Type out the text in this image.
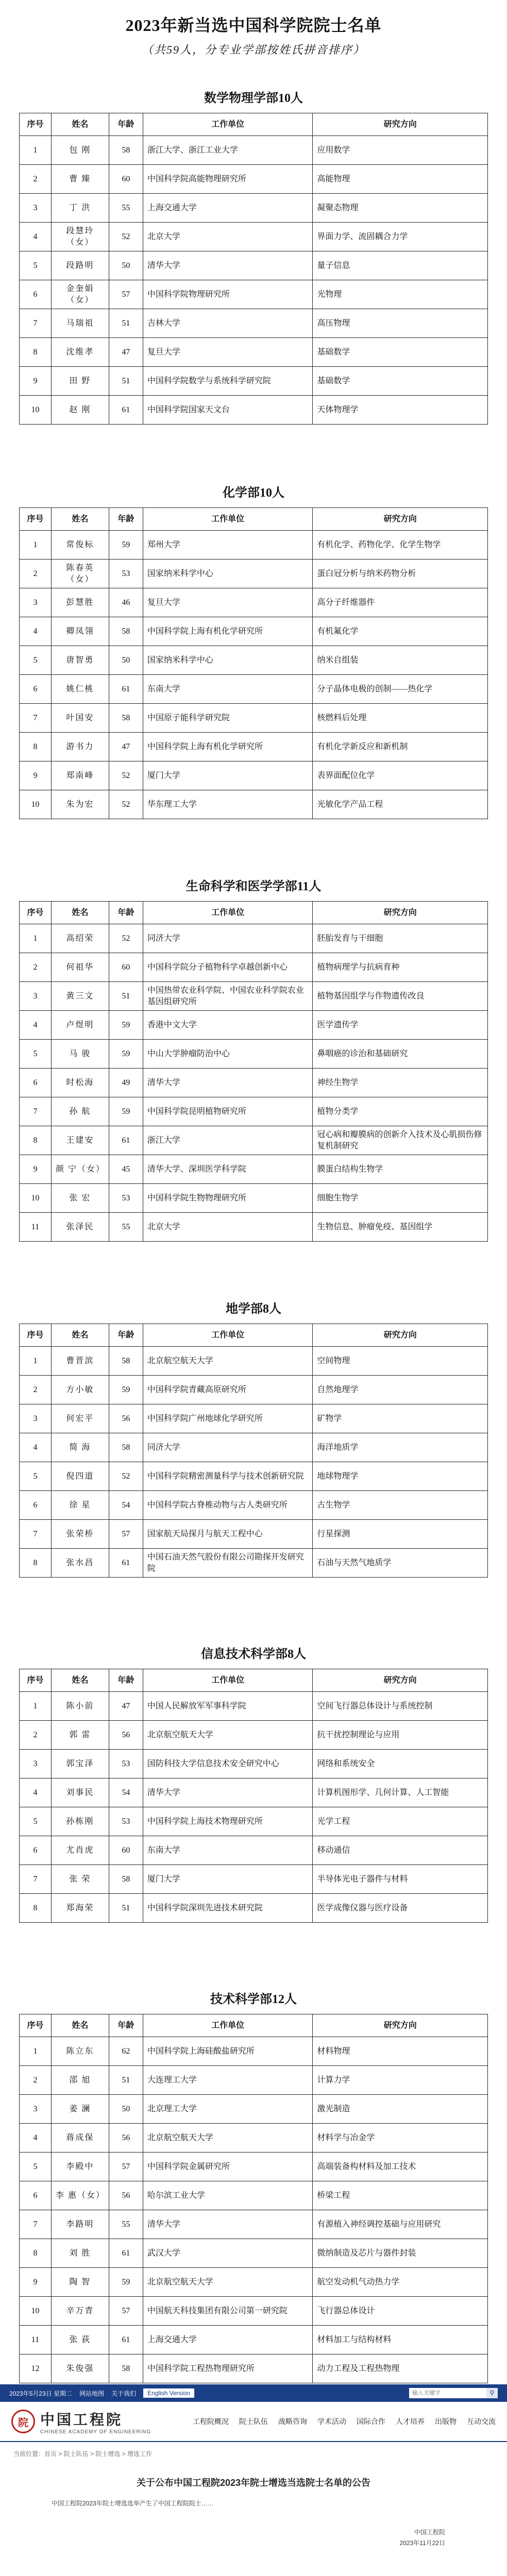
2023年新当选中国科学院院士名单

（共59人，分专业学部按姓氏拼音排序）

数学物理学部10人
序号	姓名	年龄	工作单位	研究方向
1	包 刚	58	浙江大学、浙江工业大学	应用数学
2	曹 臻	60	中国科学院高能物理研究所	高能物理
3	丁 洪	55	上海交通大学	凝聚态物理
4	段慧玲（女）	52	北京大学	界面力学、流固耦合力学
5	段路明	50	清华大学	量子信息
6	金奎娟（女）	57	中国科学院物理研究所	光物理
7	马瑞祖	51	吉林大学	高压物理
8	沈维孝	47	复旦大学	基础数学
9	田 野	51	中国科学院数学与系统科学研究院	基础数学
10	赵 刚	61	中国科学院国家天文台	天体物理学
化学部10人
序号	姓名	年龄	工作单位	研究方向
1	常俊标	59	郑州大学	有机化学、药物化学、化学生物学
2	陈春英（女）	53	国家纳米科学中心	蛋白冠分析与纳米药物分析
3	彭慧胜	46	复旦大学	高分子纤维器件
4	卿凤翎	58	中国科学院上海有机化学研究所	有机氟化学
5	唐智勇	50	国家纳米科学中心	纳米自组装
6	姚仁桃	61	东南大学	分子晶体电极的创制——热化学
7	叶国安	58	中国原子能科学研究院	核燃料后处理
8	游书力	47	中国科学院上海有机化学研究所	有机化学新反应和新机制
9	郑南峰	52	厦门大学	表界面配位化学
10	朱为宏	52	华东理工大学	光敏化学产品工程
生命科学和医学学部11人
序号	姓名	年龄	工作单位	研究方向
1	高绍荣	52	同济大学	胚胎发育与干细胞
2	何祖华	60	中国科学院分子植物科学卓越创新中心	植物病理学与抗病育种
3	黄三文	51	中国热带农业科学院、中国农业科学院农业基因组研究所	植物基因组学与作物遗传改良
4	卢煜明	59	香港中文大学	医学遗传学
5	马 骏	59	中山大学肿瘤防治中心	鼻咽癌的诊治和基础研究
6	时松海	49	清华大学	神经生物学
7	孙 航	59	中国科学院昆明植物研究所	植物分类学
8	王建安	61	浙江大学	冠心病和瓣膜病的创新介入技术及心肌损伤修复机制研究
9	颜 宁（女）	45	清华大学、深圳医学科学院	膜蛋白结构生物学
10	张 宏	53	中国科学院生物物理研究所	细胞生物学
11	张泽民	55	北京大学	生物信息、肿瘤免疫、基因组学
地学部8人
序号	姓名	年龄	工作单位	研究方向
1	曹晋滨	58	北京航空航天大学	空间物理
2	方小敏	59	中国科学院青藏高原研究所	自然地理学
3	何宏平	56	中国科学院广州地球化学研究所	矿物学
4	简 海	58	同济大学	海洋地质学
5	倪四道	52	中国科学院精密测量科学与技术创新研究院	地球物理学
6	徐 星	54	中国科学院古脊椎动物与古人类研究所	古生物学
7	张荣桥	57	国家航天局探月与航天工程中心	行星探测
8	张水昌	61	中国石油天然气股份有限公司勘探开发研究院	石油与天然气地质学
信息技术科学部8人
序号	姓名	年龄	工作单位	研究方向
1	陈小前	47	中国人民解放军军事科学院	空间飞行器总体设计与系统控制
2	郭 雷	56	北京航空航天大学	抗干扰控制理论与应用
3	郭宝泽	53	国防科技大学信息技术安全研究中心	网络和系统安全
4	刘事民	54	清华大学	计算机图形学、几何计算、人工智能
5	孙栋刚	53	中国科学院上海技术物理研究所	光学工程
6	尤肖虎	60	东南大学	移动通信
7	张 荣	58	厦门大学	半导体光电子器件与材料
8	郑海荣	51	中国科学院深圳先进技术研究院	医学成像仪器与医疗设备
技术科学部12人
序号	姓名	年龄	工作单位	研究方向
1	陈立东	62	中国科学院上海硅酸盐研究所	材料物理
2	邵 旭	51	大连理工大学	计算力学
3	姜 澜	50	北京理工大学	激光制造
4	蒋成保	56	北京航空航天大学	材料学与冶金学
5	李殿中	57	中国科学院金属研究所	高端装备构材料及加工技术
6	李 惠（女）	56	哈尔滨工业大学	桥梁工程
7	李路明	55	清华大学	有源植入神经调控基础与应用研究
8	刘 胜	61	武汉大学	微纳制造及芯片与器件封装
9	陶 智	59	北京航空航天大学	航空发动机气动热力学
10	辛万青	57	中国航天科技集团有限公司第一研究院	飞行器总体设计
11	张 荻	61	上海交通大学	材料加工与结构材料
12	朱俊强	58	中国科学院工程热物理研究所	动力工程及工程热物理
2023年5月23日 星期二 网站地图 关于我们	English Version
输入关键字	⚲
院 中国工程院
CHINESE ACADEMY OF ENGINEERING
工程院概况 院士队伍 战略咨询 学术活动 国际合作 人才培养 出版物 互动交流
当前位置：首页 > 院士队伍 > 院士增选 > 增选工作
关于公布中国工程院2023年院士增选当选院士名单的公告

中国工程院2023年院士增选选举产生了中国工程院院士……

中国工程院
2023年11月22日
